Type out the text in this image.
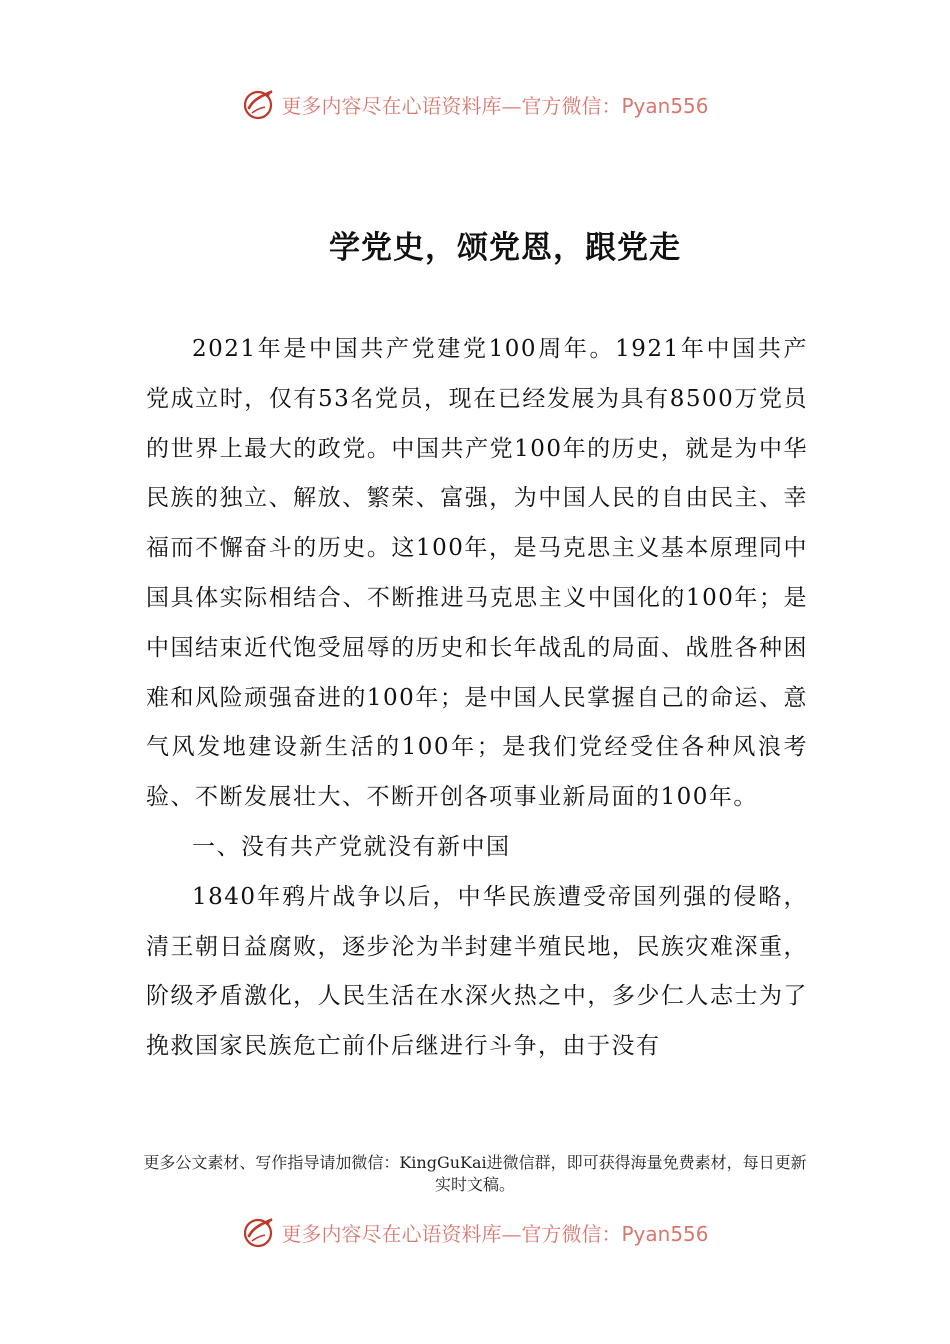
更多内容尽在心语资料库—官方微信：Pyan556
学党史，颂党恩，跟党走

2021年是中国共产党建党100周年。1921年中国共产党成立时，仅有53名党员，现在已经发展为具有8500万党员的世界上最大的政党。中国共产党100年的历史，就是为中华民族的独立、解放、繁荣、富强，为中国人民的自由民主、幸福而不懈奋斗的历史。这100年，是马克思主义基本原理同中国具体实际相结合、不断推进马克思主义中国化的100年；是中国结束近代饱受屈辱的历史和长年战乱的局面、战胜各种困难和风险顽强奋进的100年；是中国人民掌握自己的命运、意气风发地建设新生活的100年；是我们党经受住各种风浪考验、不断发展壮大、不断开创各项事业新局面的100年。

一、没有共产党就没有新中国

1840年鸦片战争以后，中华民族遭受帝国列强的侵略，清王朝日益腐败，逐步沦为半封建半殖民地，民族灾难深重，阶级矛盾激化，人民生活在水深火热之中，多少仁人志士为了挽救国家民族危亡前仆后继进行斗争，由于没有

更多公文素材、写作指导请加微信：KingGuKai进微信群，即可获得海量免费素材，每日更新实时文稿。
更多内容尽在心语资料库—官方微信：Pyan556
